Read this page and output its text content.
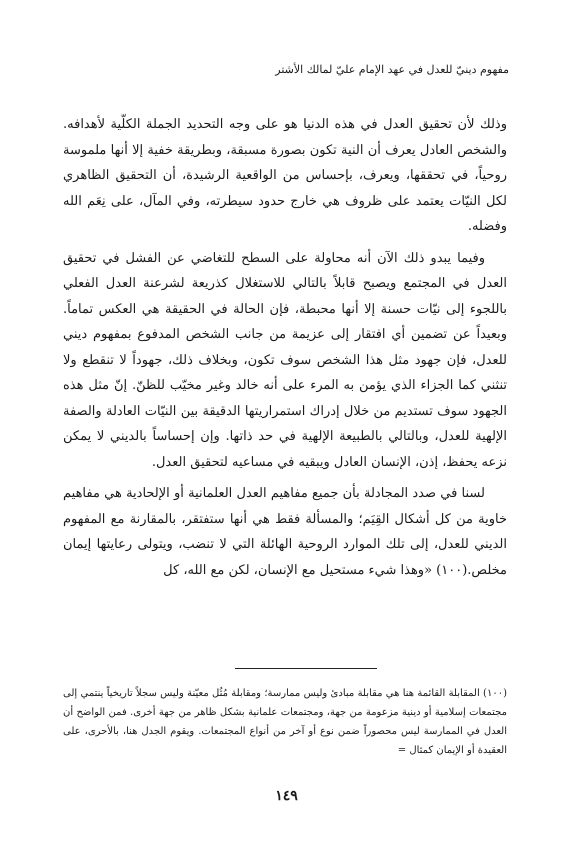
مفهوم دينيّ للعدل في عهد الإمام عليّ لمالك الأشتر

وذلك لأن تحقيق العدل في هذه الدنيا هو على وجه التحديد الجملة الكلّية لأهدافه. والشخص العادل يعرف أن النية تكون بصورة مسبقة، وبطريقة خفية إلا أنها ملموسة روحياً، في تحققها، ويعرف، بإحساس من الواقعية الرشيدة، أن التحقيق الظاهري لكل النيّات يعتمد على ظروف هي خارج حدود سيطرته، وفي المآل، على نِعَم الله وفضله.

وفيما يبدو ذلك الآن أنه محاولة على السطح للتغاضي عن الفشل في تحقيق العدل في المجتمع ويصبح قابلاً بالتالي للاستغلال كذريعة لشرعنة العدل الفعلي باللجوء إلى نيّات حسنة إلا أنها محبطة، فإن الحالة في الحقيقة هي العكس تماماً. وبعيداً عن تضمين أي افتقار إلى عزيمة من جانب الشخص المدفوع بمفهوم ديني للعدل، فإن جهود مثل هذا الشخص سوف تكون، وبخلاف ذلك، جهوداً لا تنقطع ولا تنثني كما الجزاء الذي يؤمن به المرء على أنه خالد وغير مخيّب للظنّ. إنّ مثل هذه الجهود سوف تستديم من خلال إدراك استمراريتها الدقيقة بين النيّات العادلة والصفة الإلهية للعدل، وبالتالي بالطبيعة الإلهية في حد ذاتها. وإن إحساساً بالديني لا يمكن نزعه يحفظ، إذن، الإنسان العادل ويبقيه في مساعيه لتحقيق العدل.

لسنا في صدد المجادلة بأن جميع مفاهيم العدل العلمانية أو الإلحادية هي مفاهيم خاوية من كل أشكال القِيَم؛ والمسألة فقط هي أنها ستفتقر، بالمقارنة مع المفهوم الديني للعدل، إلى تلك الموارد الروحية الهائلة التي لا تنضب، ويتولى رعايتها إيمان مخلص.(١٠٠) «وهذا شيء مستحيل مع الإنسان، لكن مع الله، كل

(١٠٠) المقابلة القائمة هنا هي مقابلة مبادئ وليس ممارسة؛ ومقابلة مُثُل معيّنة وليس سجلاً تاريخياً ينتمي إلى مجتمعات إسلامية أو دينية مزعومة من جهة، ومجتمعات علمانية بشكل ظاهر من جهة أخرى. فمن الواضح أن العدل في الممارسة ليس محصوراً ضمن نوع أو آخر من أنواع المجتمعات. ويقوم الجدل هنا، بالأحرى، على العقيدة أو الإيمان كمثال =

١٤٩
